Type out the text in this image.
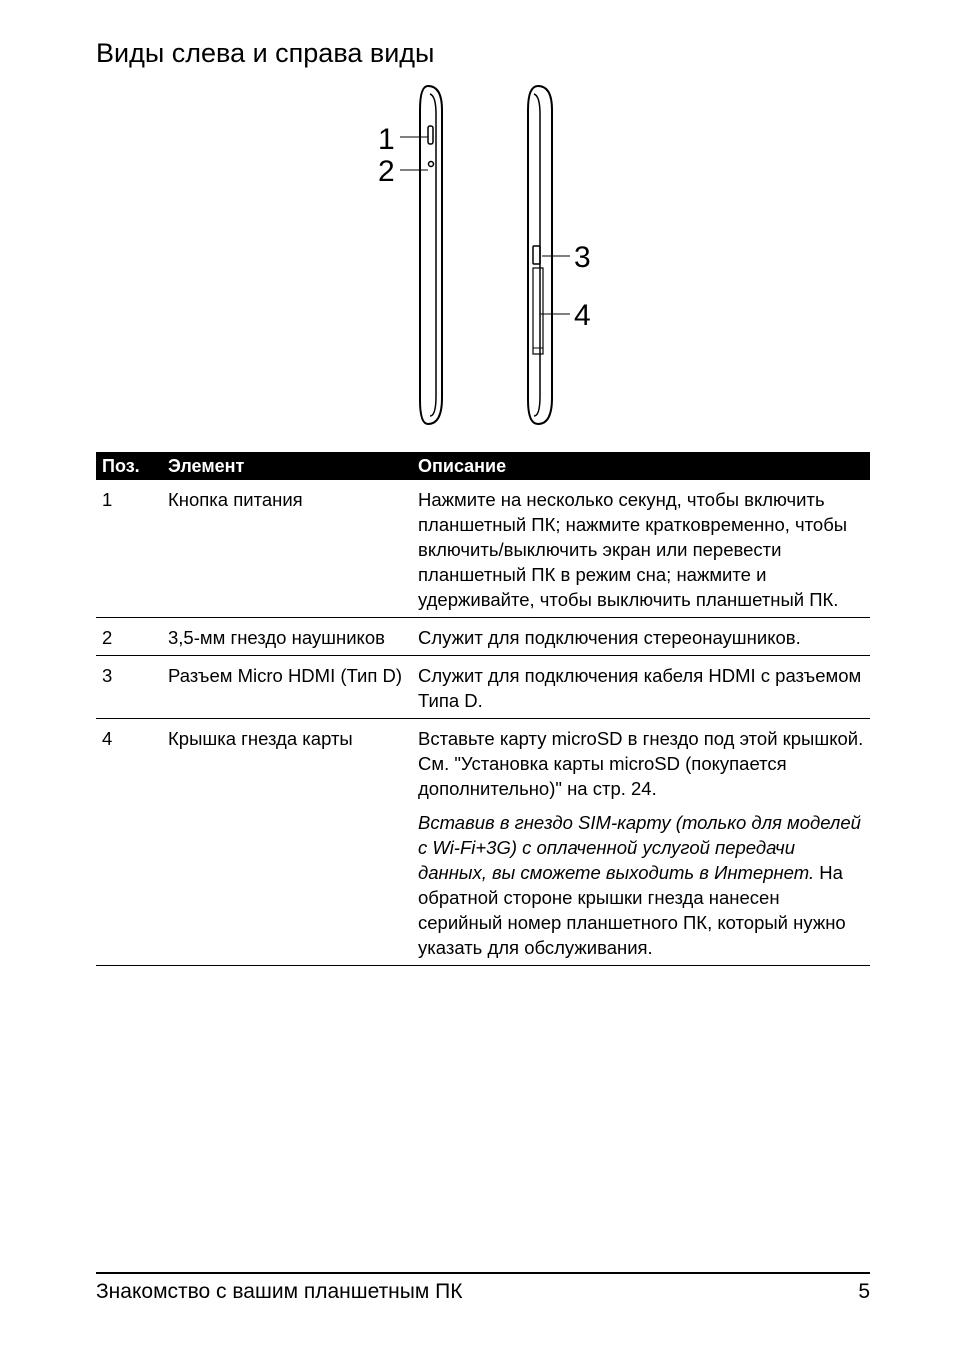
Виды слева и справа виды
1
2
3
4
Поз.	Элемент	Описание
1	Кнопка питания	Нажмите на несколько секунд, чтобы включить планшетный ПК; нажмите кратковременно, чтобы включить/выключить экран или перевести планшетный ПК в режим сна; нажмите и удерживайте, чтобы выключить планшетный ПК.
2	3,5-мм гнездо наушников	Служит для подключения стереонаушников.
3	Разъем Micro HDMI (Тип D)	Служит для подключения кабеля HDMI с разъемом Типа D.
4	Крышка гнезда карты	Вставьте карту microSD в гнездо под этой крышкой. См. "Установка карты microSD (покупается дополнительно)" на стр. 24.
Вставив в гнездо SIM-карту (только для моделей с Wi-Fi+3G) с оплаченной услугой передачи данных, вы сможете выходить в Интернет. На обратной стороне крышки гнезда нанесен серийный номер планшетного ПК, который нужно указать для обслуживания.
Знакомство с вашим планшетным ПК	5
